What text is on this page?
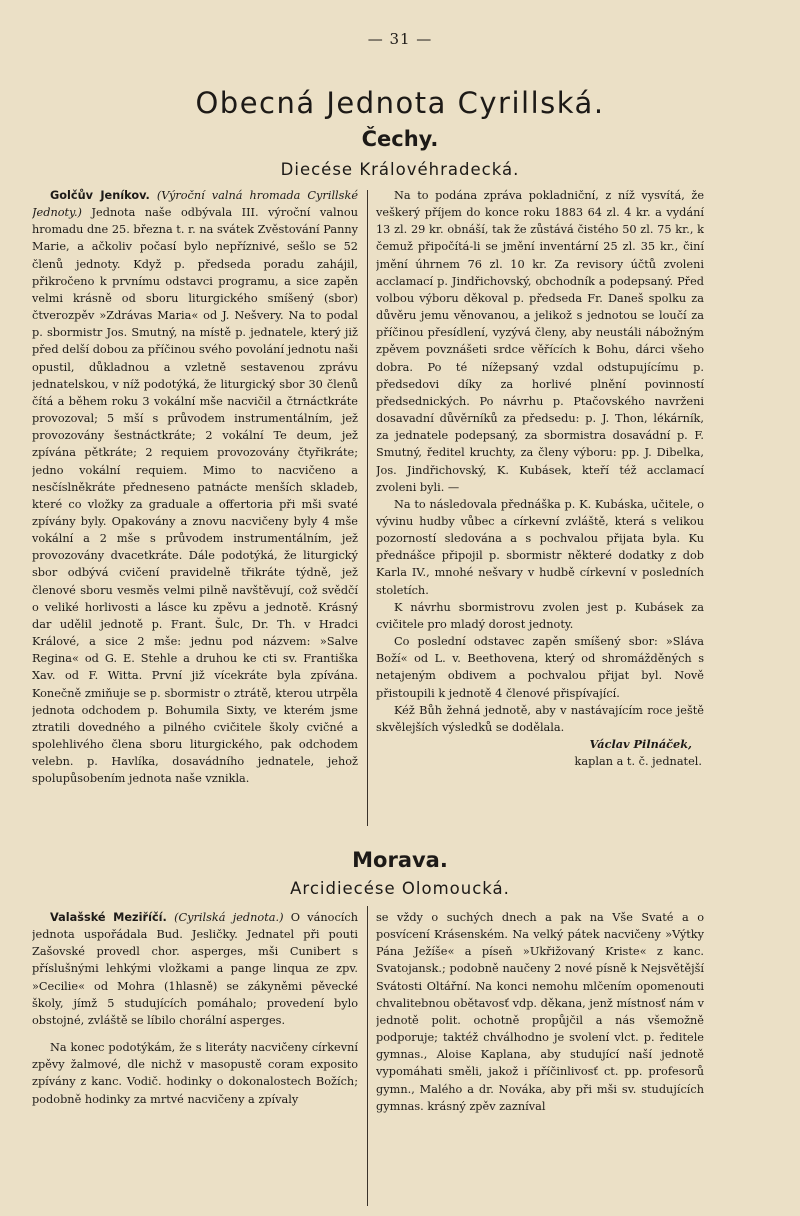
— 31 —
Obecná Jednota Cyrillská.
Čechy.
Diecése Královéhradecká.

Golčův Jeníkov. (Výroční valná hromada Cyrillské Jednoty.) Jednota naše odbývala III. výroční valnou hromadu dne 25. března t. r. na svátek Zvěstování Panny Marie, a ačkoliv počasí bylo nepříznivé, sešlo se 52 členů jednoty. Když p. předseda poradu zahájil, přikročeno k prvnímu odstavci programu, a sice zapěn velmi krásně od sboru liturgického smíšený (sbor) čtverozpěv »Zdrávas Maria« od J. Nešvery. Na to podal p. sbormistr Jos. Smutný, na místě p. jednatele, který již před delší dobou za příčinou svého povolání jednotu naši opustil, důkladnou a vzletně sestavenou zprávu jednatelskou, v níž podotýká, že liturgický sbor 30 členů čítá a během roku 3 vokální mše nacvičil a čtrnáctkráte provozoval; 5 mší s průvodem instrumentálním, jež provozovány šestnáctkráte; 2 vokální Te deum, jež zpívána pětkráte; 2 requiem provozovány čtyřikráte; jedno vokální requiem. Mimo to nacvičeno a nesčíslněkráte předneseno patnácte menších skladeb, které co vložky za graduale a offertoria při mši svaté zpívány byly. Opakovány a znovu nacvičeny byly 4 mše vokální a 2 mše s průvodem instrumentálním, jež provozovány dvacetkráte. Dále podotýká, že liturgický sbor odbývá cvičení pravidelně třikráte týdně, jež členové sboru vesměs velmi pilně navštěvují, což svědčí o veliké horlivosti a lásce ku zpěvu a jednotě. Krásný dar udělil jednotě p. Frant. Šulc, Dr. Th. v Hradci Králové, a sice 2 mše: jednu pod názvem: »Salve Regina« od G. E. Stehle a druhou ke cti sv. Františka Xav. od F. Witta. První již vícekráte byla zpívána. Konečně zmiňuje se p. sbormistr o ztrátě, kterou utrpěla jednota odchodem p. Bohumila Sixty, ve kterém jsme ztratili dovedného a pilného cvičitele školy cvičné a spolehlivého člena sboru liturgického, pak odchodem velebn. p. Havlíka, dosavádního jednatele, jehož spolupůsobením jednota naše vznikla.

Na to podána zpráva pokladniční, z níž vysvítá, že veškerý příjem do konce roku 1883 64 zl. 4 kr. a vydání 13 zl. 29 kr. obnáší, tak že zůstává čistého 50 zl. 75 kr., k čemuž připočítá-li se jmění inventární 25 zl. 35 kr., činí jmění úhrnem 76 zl. 10 kr. Za revisory účtů zvoleni acclamací p. Jindřichovský, obchodník a podepsaný. Před volbou výboru děkoval p. předseda Fr. Daneš spolku za důvěru jemu věnovanou, a jelikož s jednotou se loučí za příčinou přesídlení, vyzývá členy, aby neustáli nábožným zpěvem povznášeti srdce věřících k Bohu, dárci všeho dobra. Po té nížepsaný vzdal odstupujícímu p. předsedovi díky za horlivé plnění povinností předsednických. Po návrhu p. Ptačovského navrženi dosavadní důvěrníků za předsedu: p. J. Thon, lékárník, za jednatele podepsaný, za sbormistra dosavádní p. F. Smutný, ředitel kruchty, za členy výboru: pp. J. Dibelka, Jos. Jindřichovský, K. Kubásek, kteří též acclamací zvoleni byli. —

Na to následovala přednáška p. K. Kubáska, učitele, o vývinu hudby vůbec a církevní zvláště, která s velikou pozorností sledována a s pochvalou přijata byla. Ku přednášce připojil p. sbormistr některé dodatky z dob Karla IV., mnohé nešvary v hudbě církevní v posledních stoletích.

K návrhu sbormistrovu zvolen jest p. Kubásek za cvičitele pro mladý dorost jednoty.

Co poslední odstavec zapěn smíšený sbor: »Sláva Boží« od L. v. Beethovena, který od shromážděných s netajeným obdivem a pochvalou přijat byl. Nově přistoupili k jednotě 4 členové přispívající.

Kéž Bůh žehná jednotě, aby v nastávajícím roce ještě skvělejších výsledků se dodělala.

Václav Pilnáček,

kaplan a t. č. jednatel.

Morava.
Arcidiecése Olomoucká.

Valašské Meziříčí. (Cyrilská jednota.) O vánocích jednota uspořádala Bud. Jesličky. Jednatel při pouti Zašovské provedl chor. asperges, mši Cunibert s příslušnými lehkými vložkami a pange linqua ze zpv. »Cecilie« od Mohra (1hlasně) se zákyněmi pěvecké školy, jímž 5 studujících pomáhalo; provedení bylo obstojné, zvláště se líbilo chorální asperges.

Na konec podotýkám, že s literáty nacvičeny církevní zpěvy žalmové, dle nichž v masopustě coram exposito zpívány z kanc. Vodič. hodinky o dokonalostech Božích; podobně hodinky za mrtvé nacvičeny a zpívaly

se vždy o suchých dnech a pak na Vše Svaté a o posvícení Krásenském. Na velký pátek nacvičeny »Výtky Pána Ježíše« a píseň »Ukřižovaný Kriste« z kanc. Svatojansk.; podobně naučeny 2 nové písně k Nejsvětější Svátosti Oltářní. Na konci nemohu mlčením opomenouti chvalitebnou obětavosť vdp. děkana, jenž místnosť nám v jednotě polit. ochotně propůjčil a nás všemožně podporuje; taktéž chválhodno je svolení vlct. p. ředitele gymnas., Aloise Kaplana, aby studující naší jednotě vypomáhati směli, jakož i příčinlivosť ct. pp. profesorů gymn., Malého a dr. Nováka, aby při mši sv. studujících gymnas. krásný zpěv zazníval
